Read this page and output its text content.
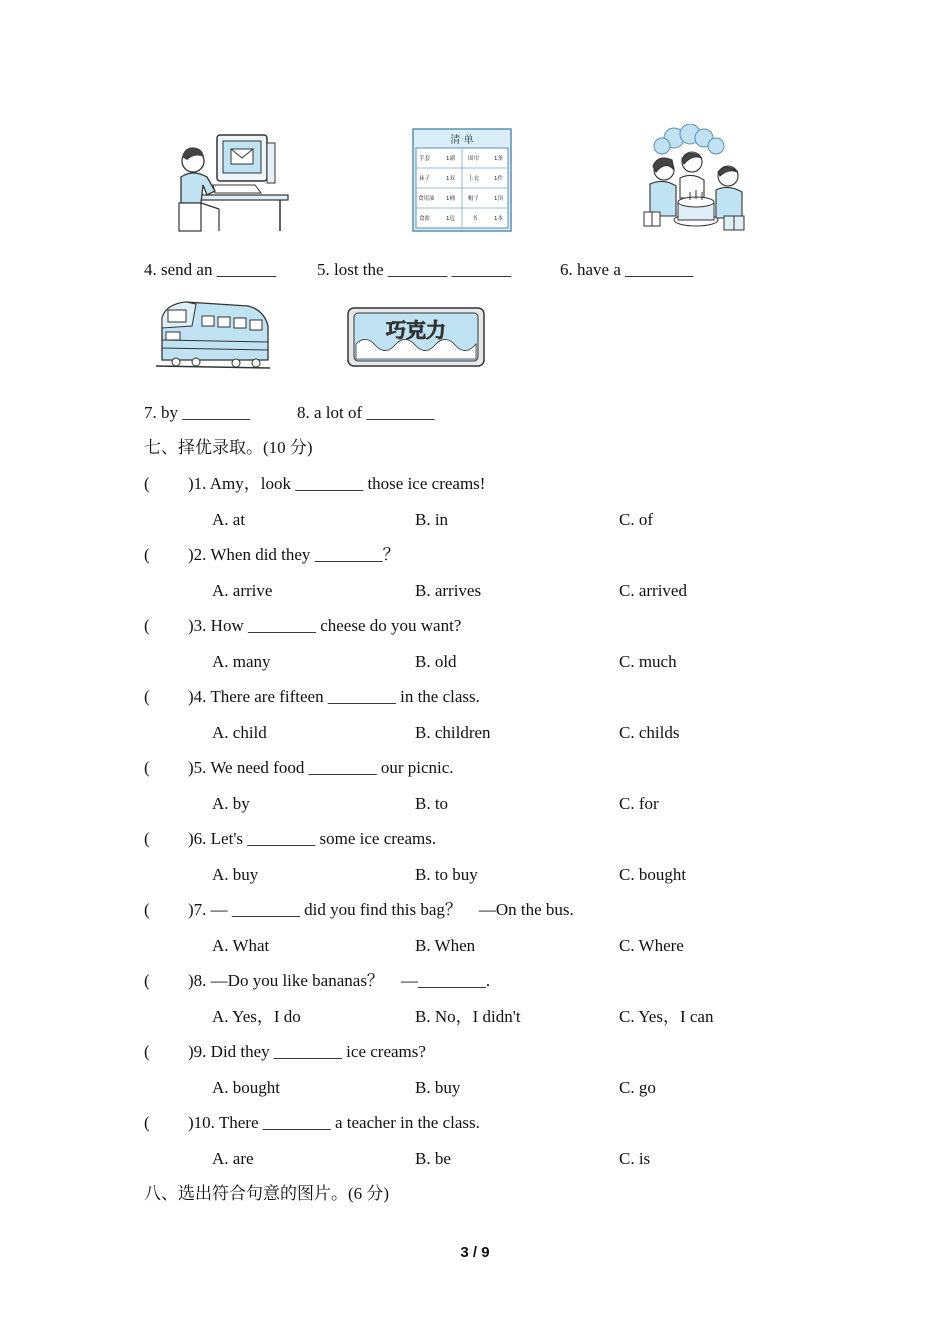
清 单
手套	1副 围巾	1条
袜子	1双 上衣	1件
食用油 1桶 帽子	1顶
食盐	1包	书	1本
4. send an _______ 5. lost the _______ _______	6. have a ________
巧克力
7. by ________	8. a lot of ________
七、择优录取。(10 分)
( )1. Amy，look ________ those ice creams!
A. at	B. in	C. of
( )2. When did they ________？
A. arrive	B. arrives	C. arrived
( )3. How ________ cheese do you want?
A. many	B. old	C. much
( )4. There are fifteen ________ in the class.
A. child	B. children	C. childs
( )5. We need food ________ our picnic.
A. by	B. to	C. for
( )6. Let's ________ some ice creams.
A. buy	B. to buy	C. bought
( )7. — ________ did you find this bag？　—On the bus.
A. What	B. When	C. Where
( )8. —Do you like bananas？　—________.
A. Yes，I do	B. No，I didn't	C. Yes，I can
( )9. Did they ________ ice creams?
A. bought	B. buy	C. go
( )10. There ________ a teacher in the class.
A. are	B. be	C. is
八、选出符合句意的图片。(6 分)
3 / 9
